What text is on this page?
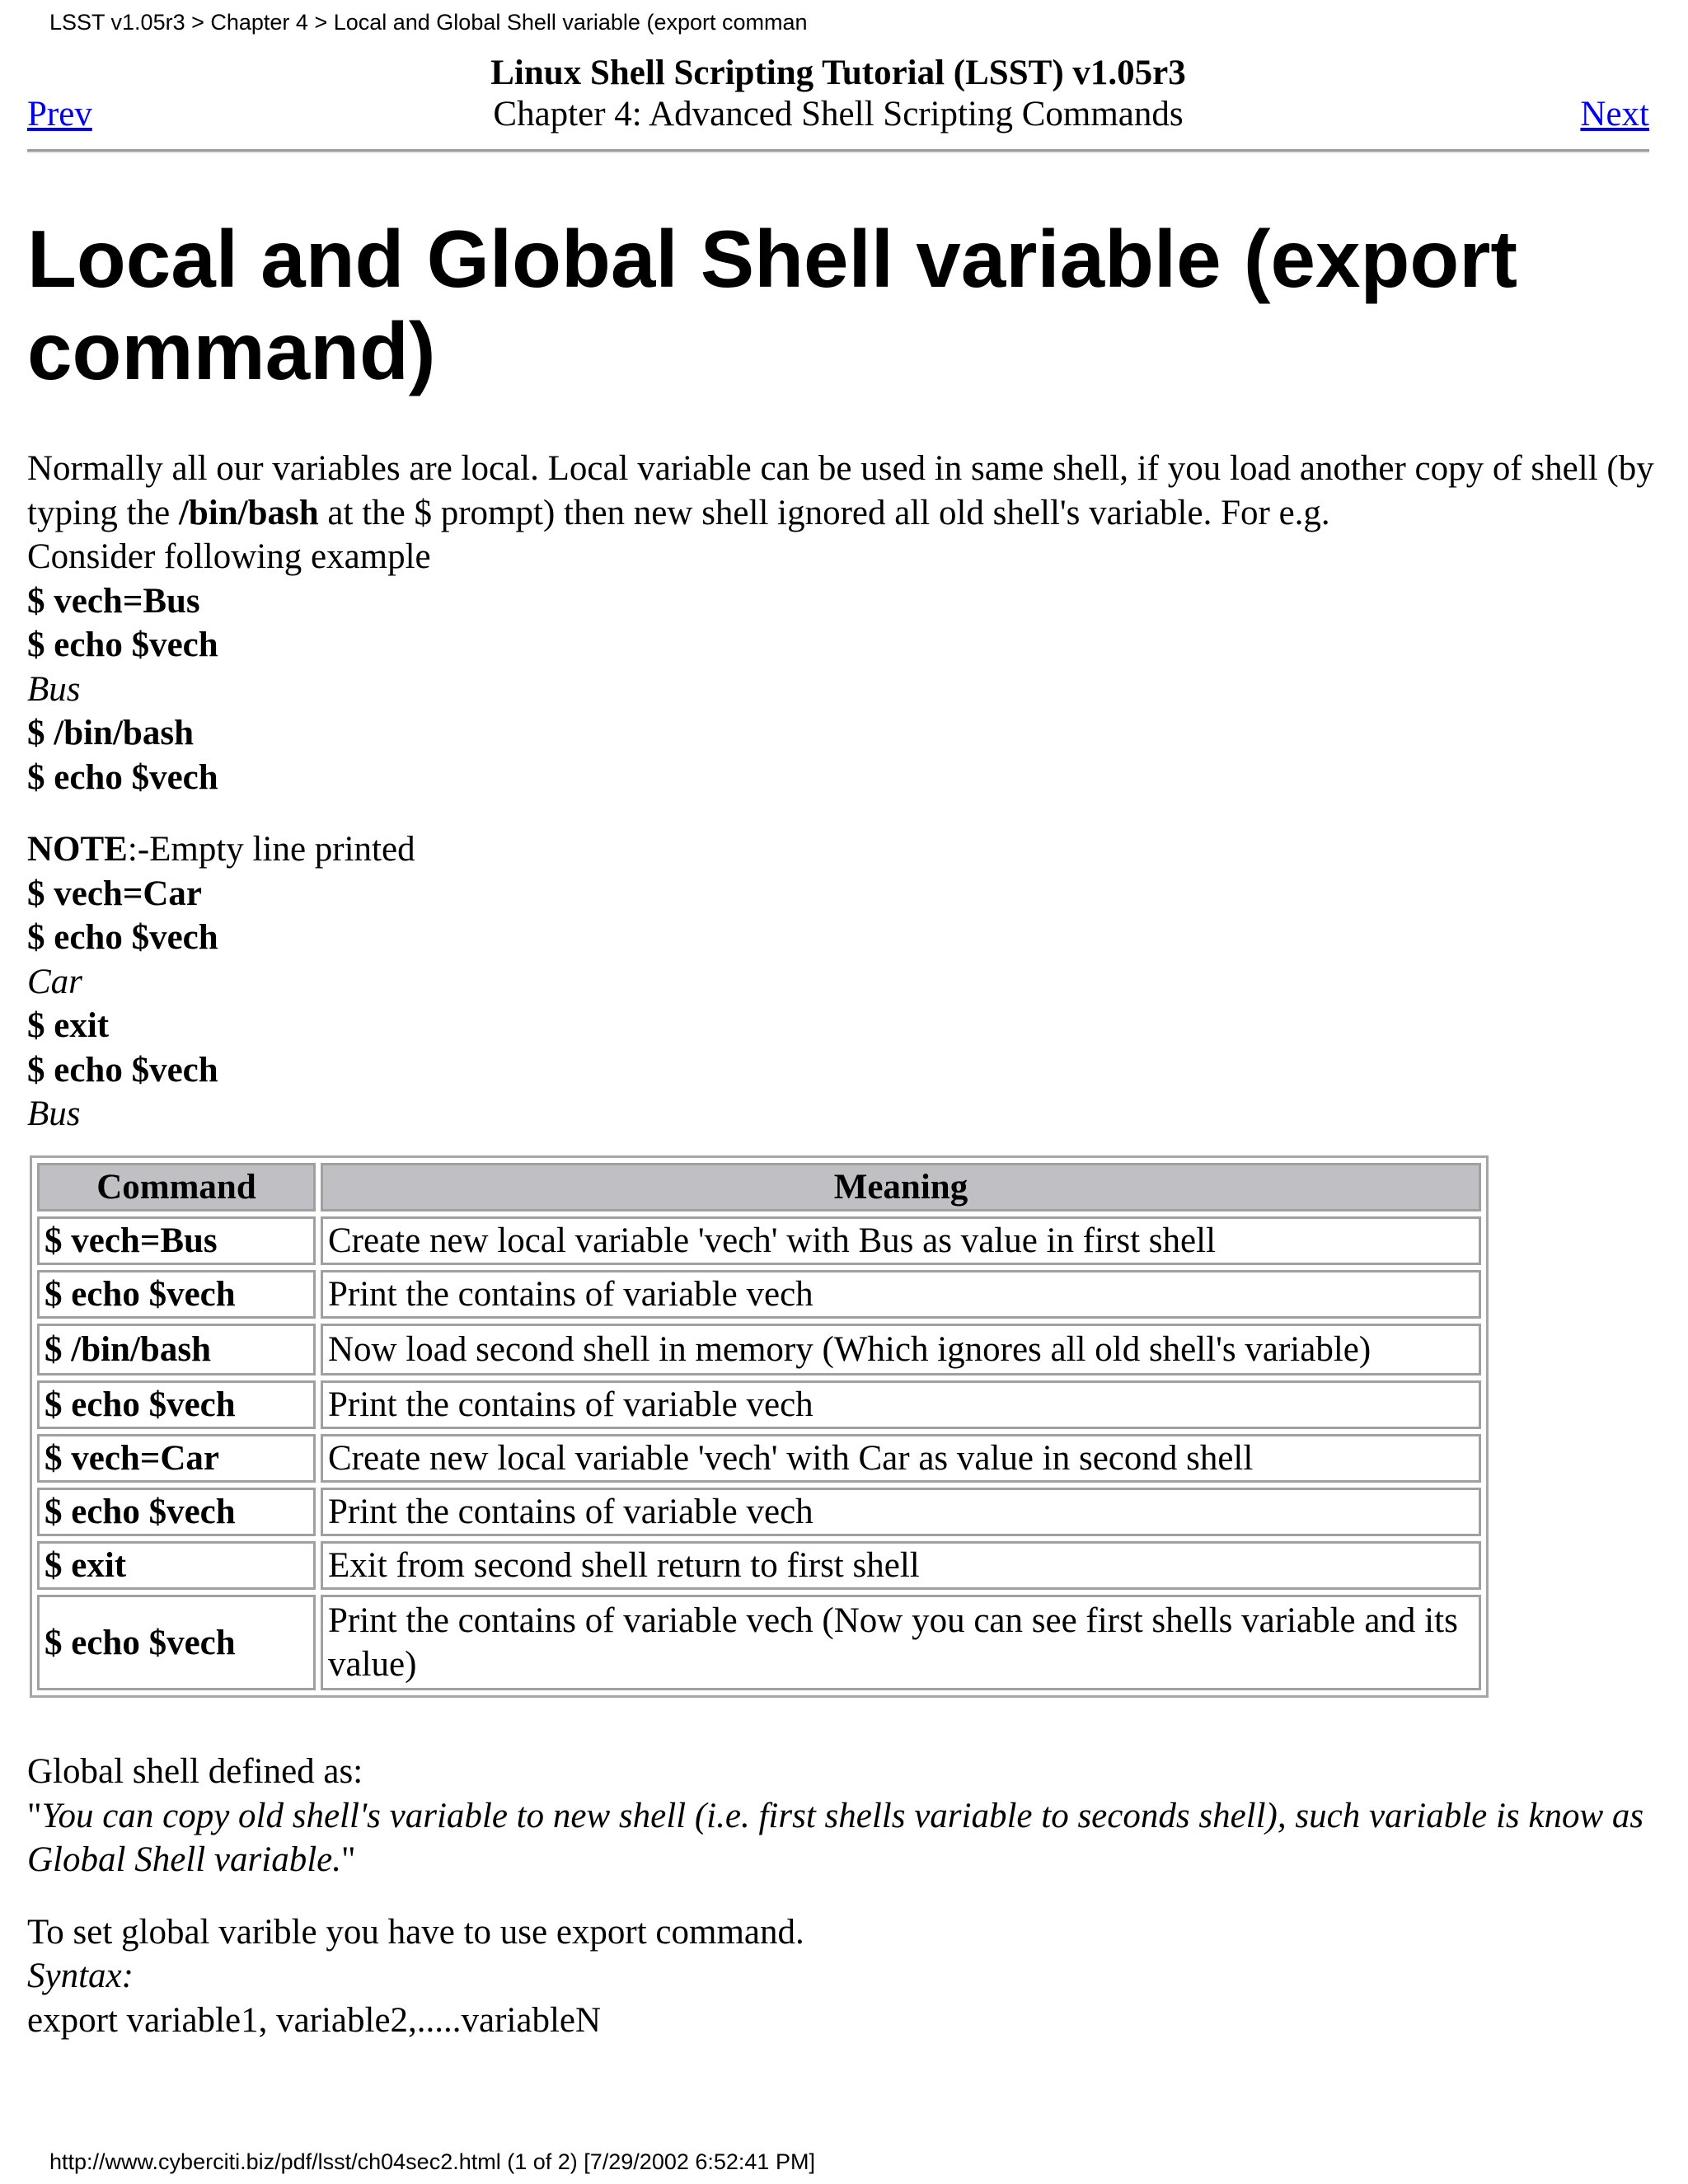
LSST v1.05r3 > Chapter 4 > Local and Global Shell variable (export comman
Prev
Linux Shell Scripting Tutorial (LSST) v1.05r3
Chapter 4: Advanced Shell Scripting Commands	Next
Local and Global Shell variable (export command)

Normally all our variables are local. Local variable can be used in same shell, if you load another copy of shell (by typing the /bin/bash at the $ prompt) then new shell ignored all old shell's variable. For e.g.

Consider following example

$ vech=Bus

$ echo $vech

Bus

$ /bin/bash

$ echo $vech

NOTE:-Empty line printed

$ vech=Car

$ echo $vech

Car

$ exit

$ echo $vech

Bus

Command	Meaning
$ vech=Bus	Create new local variable 'vech' with Bus as value in first shell
$ echo $vech	Print the contains of variable vech
$ /bin/bash	Now load second shell in memory (Which ignores all old shell's variable)
$ echo $vech	Print the contains of variable vech
$ vech=Car	Create new local variable 'vech' with Car as value in second shell
$ echo $vech	Print the contains of variable vech
$ exit	Exit from second shell return to first shell
$ echo $vech	Print the contains of variable vech (Now you can see first shells variable and its value)

Global shell defined as:

"You can copy old shell's variable to new shell (i.e. first shells variable to seconds shell), such variable is know as Global Shell variable."

To set global varible you have to use export command.

Syntax:

export variable1, variable2,.....variableN

http://www.cyberciti.biz/pdf/lsst/ch04sec2.html (1 of 2) [7/29/2002 6:52:41 PM]
